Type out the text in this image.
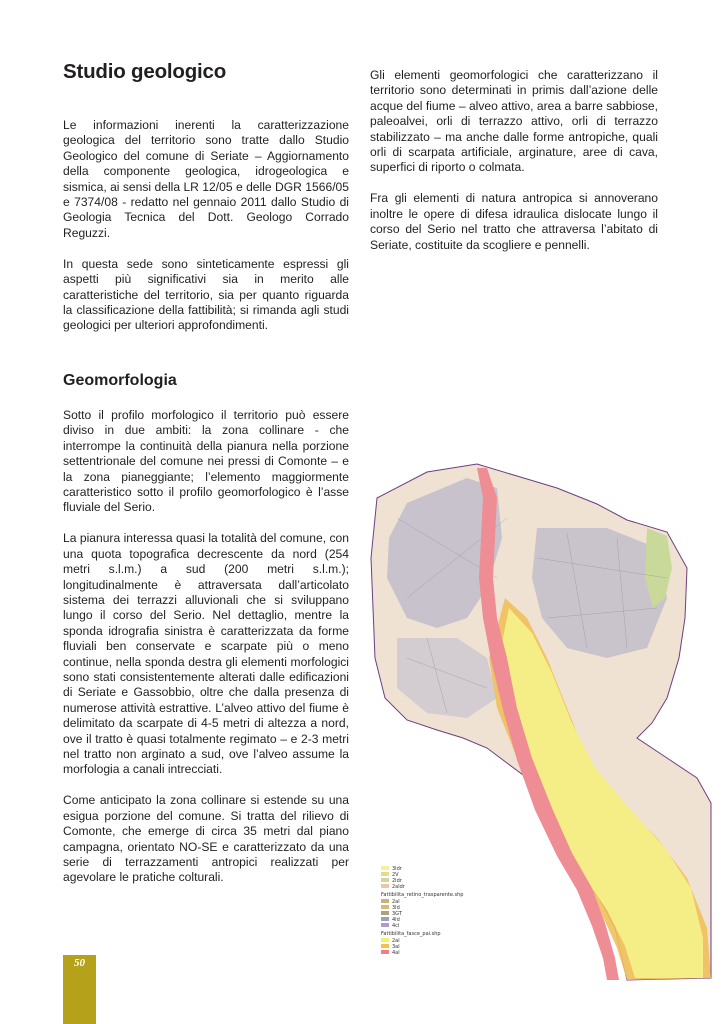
Studio geologico

Le informazioni inerenti la caratterizzazione geologica del territorio sono tratte dallo Studio Geologico del comune di Seriate – Aggiornamento della componente geologica, idrogeologica e sismica, ai sensi della LR 12/05 e delle DGR 1566/05 e 7374/08 - redatto nel gennaio 2011 dallo Studio di Geologia Tecnica del Dott. Geologo Corrado Reguzzi.

In questa sede sono sinteticamente espressi gli aspetti più significativi sia in merito alle caratteristiche del territorio, sia per quanto riguarda la classificazione della fattibilità; si rimanda agli studi geologici per ulteriori approfondimenti.

Geomorfologia

Sotto il profilo morfologico il territorio può essere diviso in due ambiti: la zona collinare - che interrompe la continuità della pianura nella porzione settentrionale del comune nei pressi di Comonte – e la zona pianeggiante; l’elemento maggiormente caratteristico sotto il profilo geomorfologico è l’asse fluviale del Serio.

La pianura interessa quasi la totalità del comune, con una quota topografica decrescente da nord (254 metri s.l.m.) a sud (200 metri s.l.m.); longitudinalmente è attraversata dall’articolato sistema dei terrazzi alluvionali che si sviluppano lungo il corso del Serio. Nel dettaglio, mentre la sponda idrografia sinistra è caratterizzata da forme fluviali ben conservate e scarpate più o meno continue, nella sponda destra gli elementi morfologici sono stati consistentemente alterati dalle edificazioni di Seriate e Gassobbio, oltre che dalla presenza di numerose attività estrattive. L’alveo attivo del fiume è delimitato da scarpate di 4-5 metri di altezza a nord, ove il tratto è quasi totalmente regimato – e 2-3 metri nel tratto non arginato a sud, ove l’alveo assume la morfologia a canali intrecciati.

Come anticipato la zona collinare si estende su una esigua porzione del comune. Si tratta del rilievo di Comonte, che emerge di circa 35 metri dal piano campagna, orientato NO-SE e caratterizzato da una serie di terrazzamenti antropici realizzati per agevolare le pratiche colturali.

Gli elementi geomorfologici che caratterizzano il territorio sono determinati in primis dall’azione delle acque del fiume – alveo attivo, area a barre sabbiose, paleoalvei, orli di terrazzo attivo, orli di terrazzo stabilizzato – ma anche dalle forme antropiche, quali orli di scarpata artificiale, arginature, aree di cava, superfici di riporto o colmata.

Fra gli elementi di natura antropica si annoverano inoltre le opere di difesa idraulica dislocate lungo il corso del Serio nel tratto che attraversa l’abitato di Seriate, costituite da scogliere e pennelli.

3ldr
2V
2ldr
2aldr
Fattibilita_retino_trasparente.shp
2al
3ld
3GT
4ld
4cl
Fattibilita_fasce_pai.shp
2al
3al
4al
50
